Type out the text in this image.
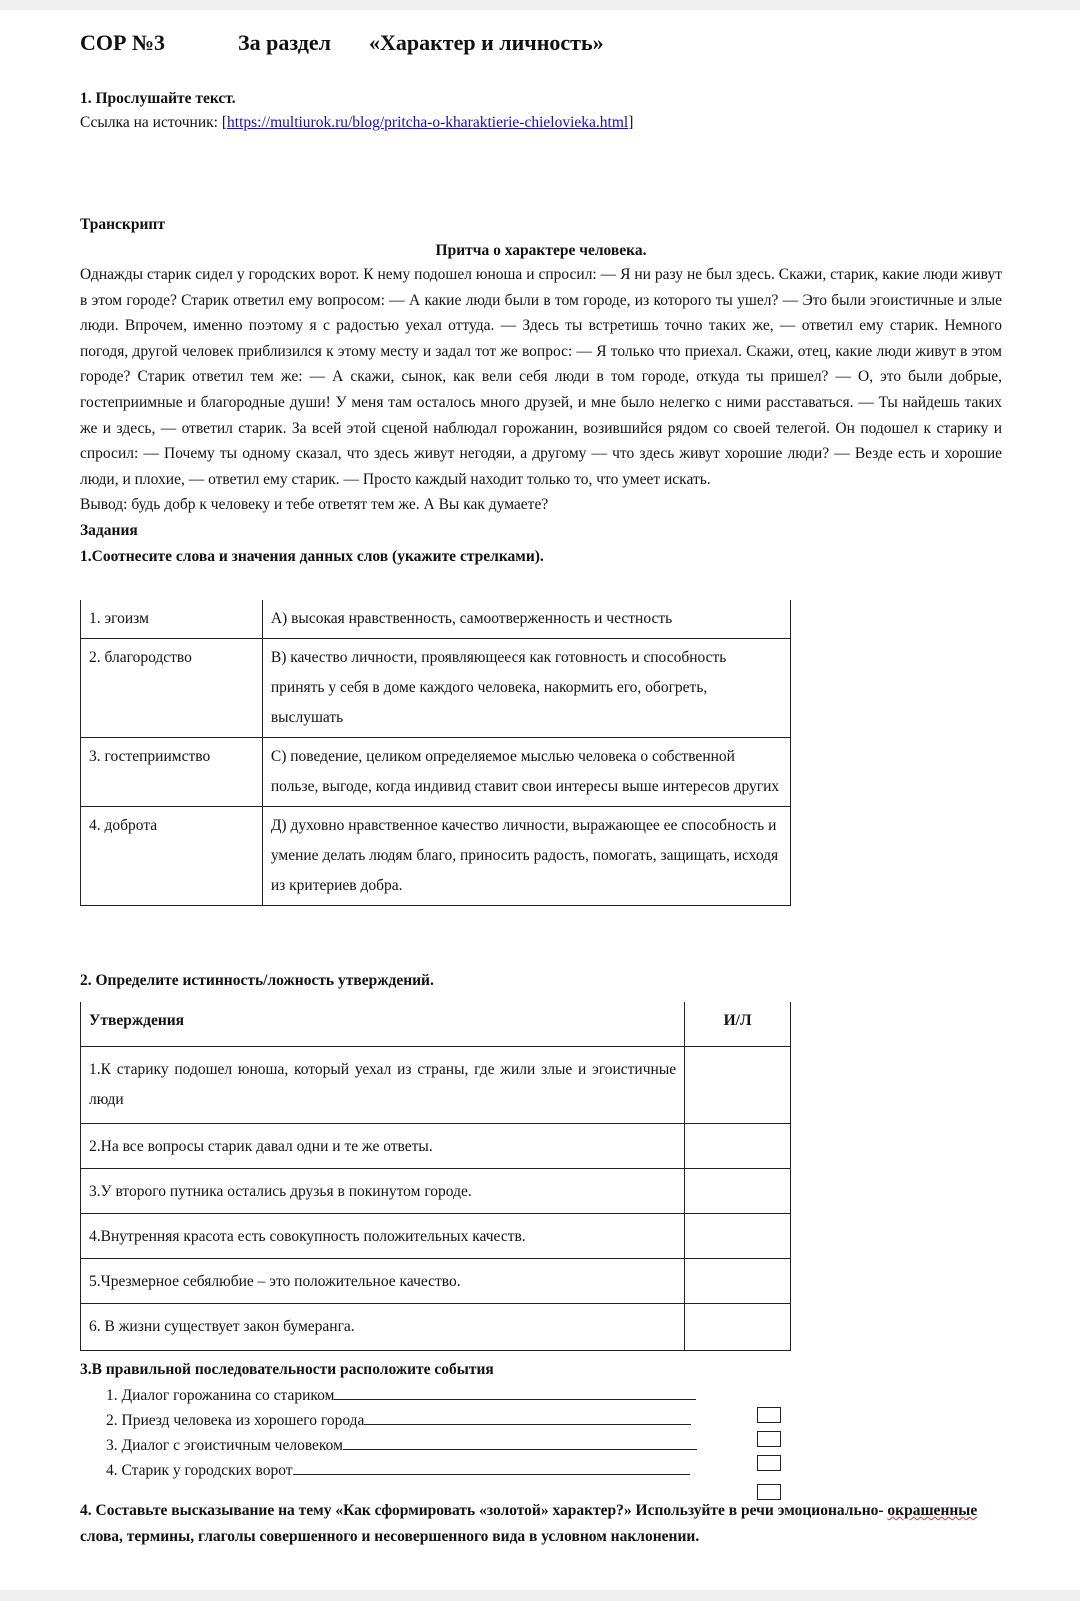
СОР №3	За раздел «Характер и личность»
1. Прослушайте текст.
Ссылка на источник: [https://multiurok.ru/blog/pritcha-o-kharaktierie-chielovieka.html]
Транскрипт
Притча о характере человека.

Однажды старик сидел у городских ворот. К нему подошел юноша и спросил: — Я ни разу не был здесь. Скажи, старик, какие люди живут в этом городе? Старик ответил ему вопросом: — А какие люди были в том городе, из которого ты ушел? — Это были эгоистичные и злые люди. Впрочем, именно поэтому я с радостью уехал оттуда. — Здесь ты встретишь точно таких же, — ответил ему старик. Немного погодя, другой человек приблизился к этому месту и задал тот же вопрос: — Я только что приехал. Скажи, отец, какие люди живут в этом городе? Старик ответил тем же: — А скажи, сынок, как вели себя люди в том городе, откуда ты пришел? — О, это были добрые, гостеприимные и благородные души! У меня там осталось много друзей, и мне было нелегко с ними расставаться. — Ты найдешь таких же и здесь, — ответил старик. За всей этой сценой наблюдал горожанин, возившийся рядом со своей телегой. Он подошел к старику и спросил: — Почему ты одному сказал, что здесь живут негодяи, а другому — что здесь живут хорошие люди? — Везде есть и хорошие люди, и плохие, — ответил ему старик. — Просто каждый находит только то, что умеет искать.

Вывод: будь добр к человеку и тебе ответят тем же. А Вы как думаете?

Задания

1.Соотнесите слова и значения данных слов (укажите стрелками).

1. эгоизм	А) высокая нравственность, самоотверженность и честность
2. благородство	В) качество личности, проявляющееся как готовность и способность принять у себя в доме каждого человека, накормить его, обогреть, выслушать
3. гостеприимство	С) поведение, целиком определяемое мыслью человека о собственной пользе, выгоде, когда индивид ставит свои интересы выше интересов других
4. доброта	Д) духовно нравственное качество личности, выражающее ее способность и умение делать людям благо, приносить радость, помогать, защищать, исходя из критериев добра.
2. Определите истинность/ложность утверждений.
Утверждения	И/Л
1.К старику подошел юноша, который уехал из страны, где жили злые и эгоистичные люди	
2.На все вопросы старик давал одни и те же ответы.	
3.У второго путника остались друзья в покинутом городе.	
4.Внутренняя красота есть совокупность положительных качеств.	
5.Чрезмерное себялюбие – это положительное качество.	
6. В жизни существует закон бумеранга.	
3.В правильной последовательности расположите события
1. Диалог горожанина со стариком
2. Приезд человека из хорошего города
3. Диалог с эгоистичным человеком
4. Старик у городских ворот
4. Составьте высказывание на тему «Как сформировать «золотой» характер?» Используйте в речи эмоционально- окрашенные слова, термины, глаголы совершенного и несовершенного вида в условном наклонении.
